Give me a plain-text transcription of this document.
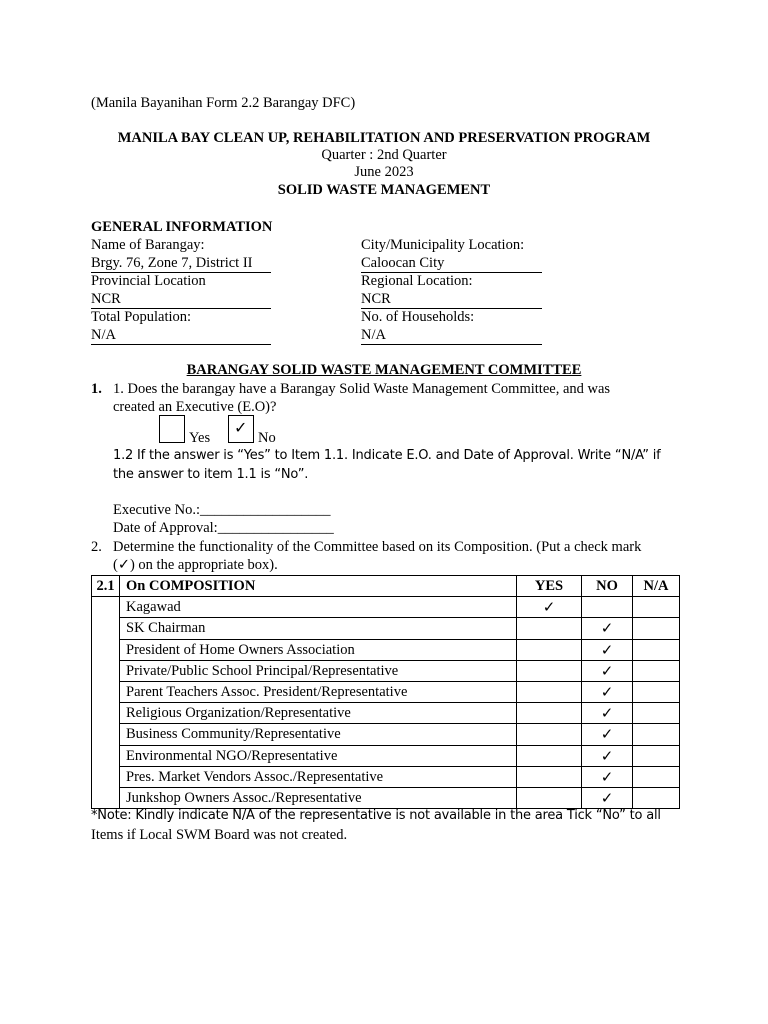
(Manila Bayanihan Form 2.2 Barangay DFC)
MANILA BAY CLEAN UP, REHABILITATION AND PRESERVATION PROGRAM
Quarter : 2nd Quarter
June 2023
SOLID WASTE MANAGEMENT
GENERAL INFORMATION
Name of Barangay:	City/Municipality Location:
Brgy. 76, Zone 7, District II	Caloocan City
Provincial Location	Regional Location:
NCR	NCR
Total Population:	No. of Households:
N/A	N/A
BARANGAY SOLID WASTE MANAGEMENT COMMITTEE
1. 1. Does the barangay have a Barangay Solid Waste Management Committee, and was
created an Executive (E.O)?
Yes
✓
No
1.2 If the answer is “Yes” to Item 1.1. Indicate E.O. and Date of Approval. Write “N/A” if
the answer to item 1.1 is “No”.
Executive No.:__________________
Date of Approval:________________
2. Determine the functionality of the Committee based on its Composition. (Put a check mark
(✓) on the appropriate box).
2.1	On COMPOSITION	YES	NO	N/A
	Kagawad	✓		
	SK Chairman		✓	
	President of Home Owners Association		✓	
	Private/Public School Principal/Representative		✓	
	Parent Teachers Assoc. President/Representative		✓	
	Religious Organization/Representative		✓	
	Business Community/Representative		✓	
	Environmental NGO/Representative		✓	
	Pres. Market Vendors Assoc./Representative		✓	
	Junkshop Owners Assoc./Representative		✓	
*Note: Kindly indicate N/A of the representative is not available in the area Tick “No” to all
Items if Local SWM Board was not created.
